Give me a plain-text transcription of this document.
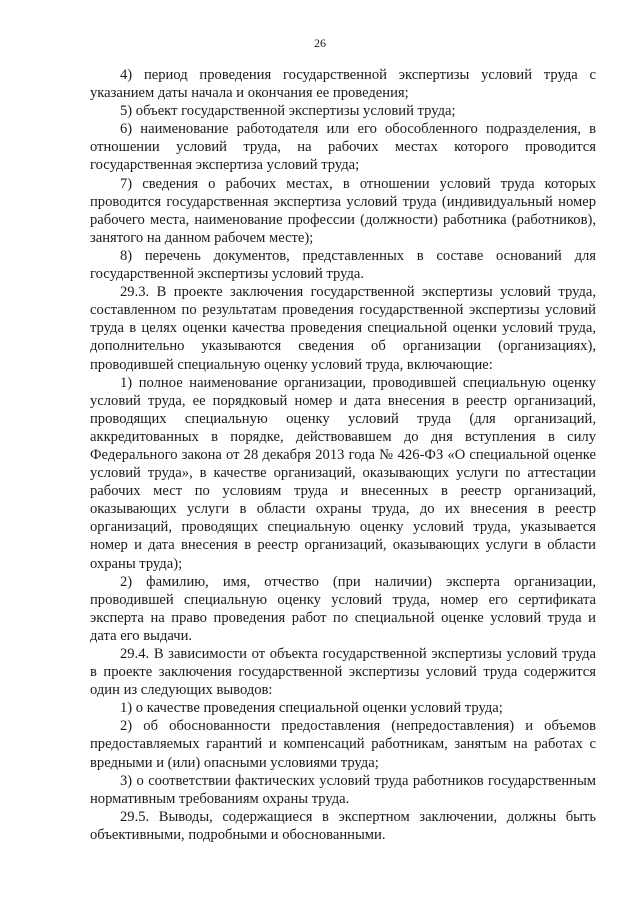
26

4) период проведения государственной экспертизы условий труда с указанием даты начала и окончания ее проведения;

5) объект государственной экспертизы условий труда;

6) наименование работодателя или его обособленного подразделения, в отношении условий труда, на рабочих местах которого проводится государственная экспертиза условий труда;

7) сведения о рабочих местах, в отношении условий труда которых проводится государственная экспертиза условий труда (индивидуальный номер рабочего места, наименование профессии (должности) работника (работников), занятого на данном рабочем месте);

8) перечень документов, представленных в составе оснований для государственной экспертизы условий труда.

29.3. В проекте заключения государственной экспертизы условий труда, составленном по результатам проведения государственной экспертизы условий труда в целях оценки качества проведения специальной оценки условий труда, дополнительно указываются сведения об организации (организациях), проводившей специальную оценку условий труда, включающие:

1) полное наименование организации, проводившей специальную оценку условий труда, ее порядковый номер и дата внесения в реестр организаций, проводящих специальную оценку условий труда (для организаций, аккредитованных в порядке, действовавшем до дня вступления в силу Федерального закона от 28 декабря 2013 года № 426-ФЗ «О специальной оценке условий труда», в качестве организаций, оказывающих услуги по аттестации рабочих мест по условиям труда и внесенных в реестр организаций, оказывающих услуги в области охраны труда, до их внесения в реестр организаций, проводящих специальную оценку условий труда, указывается номер и дата внесения в реестр организаций, оказывающих услуги в области охраны труда);

2) фамилию, имя, отчество (при наличии) эксперта организации, проводившей специальную оценку условий труда, номер его сертификата эксперта на право проведения работ по специальной оценке условий труда и дата его выдачи.

29.4. В зависимости от объекта государственной экспертизы условий труда в проекте заключения государственной экспертизы условий труда содержится один из следующих выводов:

1) о качестве проведения специальной оценки условий труда;

2) об обоснованности предоставления (непредоставления) и объемов предоставляемых гарантий и компенсаций работникам, занятым на работах с вредными и (или) опасными условиями труда;

3) о соответствии фактических условий труда работников государственным нормативным требованиям охраны труда.

29.5. Выводы, содержащиеся в экспертном заключении, должны быть объективными, подробными и обоснованными.
